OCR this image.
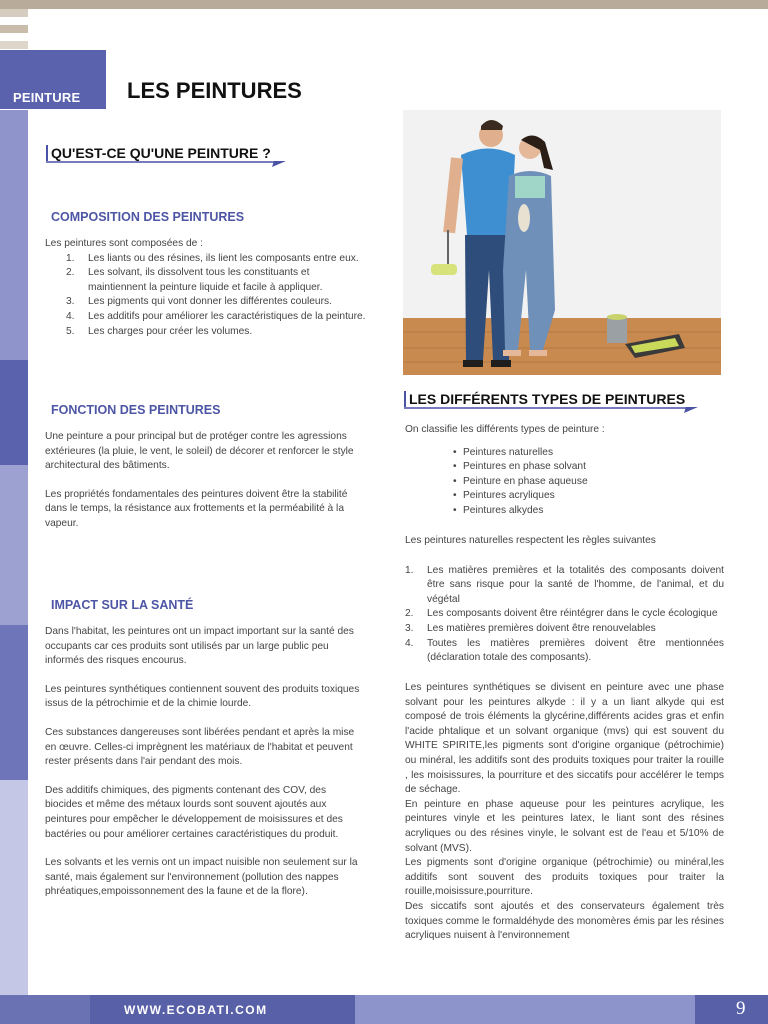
PEINTURE LES PEINTURES
QU'EST-CE QU'UNE PEINTURE ?
COMPOSITION DES PEINTURES

Les peintures sont composées de :

1. Les liants ou des résines, ils lient les composants entre eux.
2. Les solvant, ils dissolvent tous les constituants et maintiennent la peinture liquide et facile à appliquer.
3. Les pigments qui vont donner les différentes couleurs.
4. Les additifs pour améliorer les caractéristiques de la peinture.
5. Les charges pour créer les volumes.
FONCTION DES PEINTURES

Une peinture a pour principal but de protéger contre les agressions extérieures (la pluie, le vent, le soleil) de décorer et renforcer le style architectural des bâtiments.

Les propriétés fondamentales des peintures doivent être la stabilité dans le temps, la résistance aux frottements et la perméabilité à la vapeur.

IMPACT SUR LA SANTÉ

Dans l'habitat, les peintures ont un impact important sur la santé des occupants car ces produits sont utilisés par un large public peu informés des risques encourus.

Les peintures synthétiques contiennent souvent des produits toxiques issus de la pétrochimie et de la chimie lourde.

Ces substances dangereuses sont libérées pendant et après la mise en œuvre. Celles-ci imprègnent les matériaux de l'habitat et peuvent rester présents dans l'air pendant des mois.

Des additifs chimiques, des pigments contenant des COV, des biocides et même des métaux lourds sont souvent ajoutés aux peintures pour empêcher le développement de moisissures et des bactéries ou pour améliorer certaines caractéristiques du produit.

Les solvants et les vernis ont un impact nuisible non seulement sur la santé, mais également sur l'environnement (pollution des nappes phréatiques,empoissonnement des la faune et de la flore).

LES DIFFÉRENTS TYPES DE PEINTURES

On classifie les différents types de peinture :

• Peintures naturelles
• Peintures en phase solvant
• Peinture en phase aqueuse
• Peintures acryliques
• Peintures alkydes

Les peintures naturelles respectent les règles suivantes

1. Les matières premières et la totalités des composants doivent être sans risque pour la santé de l'homme, de l'animal, et du végétal
2. Les composants doivent être réintégrer dans le cycle écologique
3. Les matières premières doivent être renouvelables
4. Toutes les matières premières doivent être mentionnées (déclaration totale des composants).

Les peintures synthétiques se divisent en peinture avec une phase solvant pour les peintures alkyde : il y a un liant alkyde qui est composé de trois éléments la glycérine,différents acides gras et enfin l'acide phtalique et un solvant organique (mvs) qui est souvent du WHITE SPIRITE,les pigments sont d'origine organique (pétrochimie) ou minéral, les additifs sont des produits toxiques pour traiter la rouille , les moisissures, la pourriture et des siccatifs pour accélérer le temps de séchage.

En peinture en phase aqueuse pour les peintures acrylique, les peintures vinyle et les peintures latex, le liant sont des résines acryliques ou des résines vinyle, le solvant est de l'eau et 5/10% de solvant (MVS).

Les pigments sont d'origine organique (pétrochimie) ou minéral,les additifs sont souvent des produits toxiques pour traiter la rouille,moisissure,pourriture.

Des siccatifs sont ajoutés et des conservateurs également très toxiques comme le formaldéhyde des monomères émis par les résines acryliques nuisent à l'environnement

WWW.ECOBATI.COM	9
